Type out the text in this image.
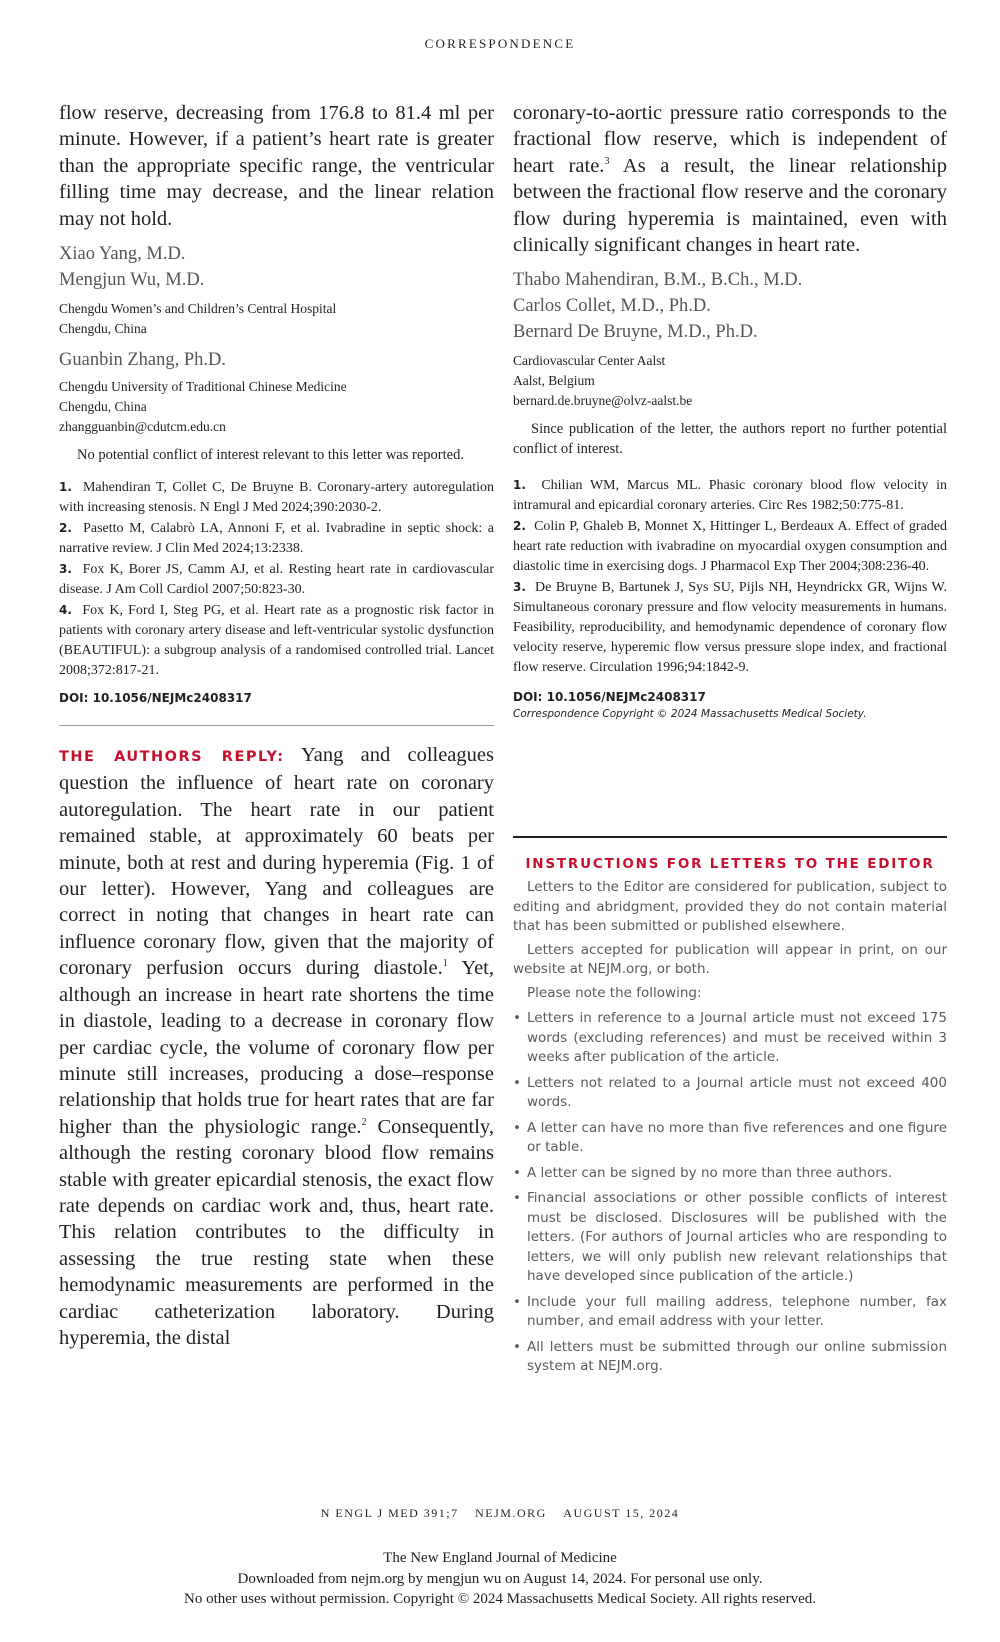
CORRESPONDENCE

flow reserve, decreasing from 176.8 to 81.4 ml per minute. However, if a patient’s heart rate is greater than the appropriate specific range, the ventricular filling time may decrease, and the linear relation may not hold.

Xiao Yang, M.D.

Mengjun Wu, M.D.

Chengdu Women’s and Children’s Central Hospital

Chengdu, China

Guanbin Zhang, Ph.D.

Chengdu University of Traditional Chinese Medicine

Chengdu, China

zhangguanbin@cdutcm.edu.cn

No potential conflict of interest relevant to this letter was reported.

1. Mahendiran T, Collet C, De Bruyne B. Coronary-artery autoregulation with increasing stenosis. N Engl J Med 2024;390:2030-2.

2. Pasetto M, Calabrò LA, Annoni F, et al. Ivabradine in septic shock: a narrative review. J Clin Med 2024;13:2338.

3. Fox K, Borer JS, Camm AJ, et al. Resting heart rate in cardiovascular disease. J Am Coll Cardiol 2007;50:823-30.

4. Fox K, Ford I, Steg PG, et al. Heart rate as a prognostic risk factor in patients with coronary artery disease and left-ventricular systolic dysfunction (BEAUTIFUL): a subgroup analysis of a randomised controlled trial. Lancet 2008;372:817-21.

DOI: 10.1056/NEJMc2408317

THE AUTHORS REPLY: Yang and colleagues question the influence of heart rate on coronary autoregulation. The heart rate in our patient remained stable, at approximately 60 beats per minute, both at rest and during hyperemia (Fig. 1 of our letter). However, Yang and colleagues are correct in noting that changes in heart rate can influence coronary flow, given that the majority of coronary perfusion occurs during diastole.$^1$ Yet, although an increase in heart rate shortens the time in diastole, leading to a decrease in coronary flow per cardiac cycle, the volume of coronary flow per minute still increases, producing a dose–response relationship that holds true for heart rates that are far higher than the physiologic range.$^2$ Consequently, although the resting coronary blood flow remains stable with greater epicardial stenosis, the exact flow rate depends on cardiac work and, thus, heart rate. This relation contributes to the difficulty in assessing the true resting state when these hemodynamic measurements are performed in the cardiac catheterization laboratory. During hyperemia, the distal

coronary-to-aortic pressure ratio corresponds to the fractional flow reserve, which is independent of heart rate.$^3$ As a result, the linear relationship between the fractional flow reserve and the coronary flow during hyperemia is maintained, even with clinically significant changes in heart rate.

Thabo Mahendiran, B.M., B.Ch., M.D.

Carlos Collet, M.D., Ph.D.

Bernard De Bruyne, M.D., Ph.D.

Cardiovascular Center Aalst

Aalst, Belgium

bernard.de.bruyne@olvz-aalst.be

Since publication of the letter, the authors report no further potential conflict of interest.

1. Chilian WM, Marcus ML. Phasic coronary blood flow velocity in intramural and epicardial coronary arteries. Circ Res 1982;50:775-81.

2. Colin P, Ghaleb B, Monnet X, Hittinger L, Berdeaux A. Effect of graded heart rate reduction with ivabradine on myocardial oxygen consumption and diastolic time in exercising dogs. J Pharmacol Exp Ther 2004;308:236-40.

3. De Bruyne B, Bartunek J, Sys SU, Pijls NH, Heyndrickx GR, Wijns W. Simultaneous coronary pressure and flow velocity measurements in humans. Feasibility, reproducibility, and hemodynamic dependence of coronary flow velocity reserve, hyperemic flow versus pressure slope index, and fractional flow reserve. Circulation 1996;94:1842-9.

DOI: 10.1056/NEJMc2408317

Correspondence Copyright © 2024 Massachusetts Medical Society.

INSTRUCTIONS FOR LETTERS TO THE EDITOR

Letters to the Editor are considered for publication, subject to editing and abridgment, provided they do not contain material that has been submitted or published elsewhere.

Letters accepted for publication will appear in print, on our website at NEJM.org, or both.

Please note the following:

• Letters in reference to a Journal article must not exceed 175 words (excluding references) and must be received within 3 weeks after publication of the article.
• Letters not related to a Journal article must not exceed 400 words.
• A letter can have no more than five references and one figure or table.
• A letter can be signed by no more than three authors.
• Financial associations or other possible conflicts of interest must be disclosed. Disclosures will be published with the letters. (For authors of Journal articles who are responding to letters, we will only publish new relevant relationships that have developed since publication of the article.)
• Include your full mailing address, telephone number, fax number, and email address with your letter.
• All letters must be submitted through our online submission system at NEJM.org.
N ENGL J MED 391;7 NEJM.ORG AUGUST 15, 2024
The New England Journal of Medicine
Downloaded from nejm.org by mengjun wu on August 14, 2024. For personal use only.
No other uses without permission. Copyright © 2024 Massachusetts Medical Society. All rights reserved.
